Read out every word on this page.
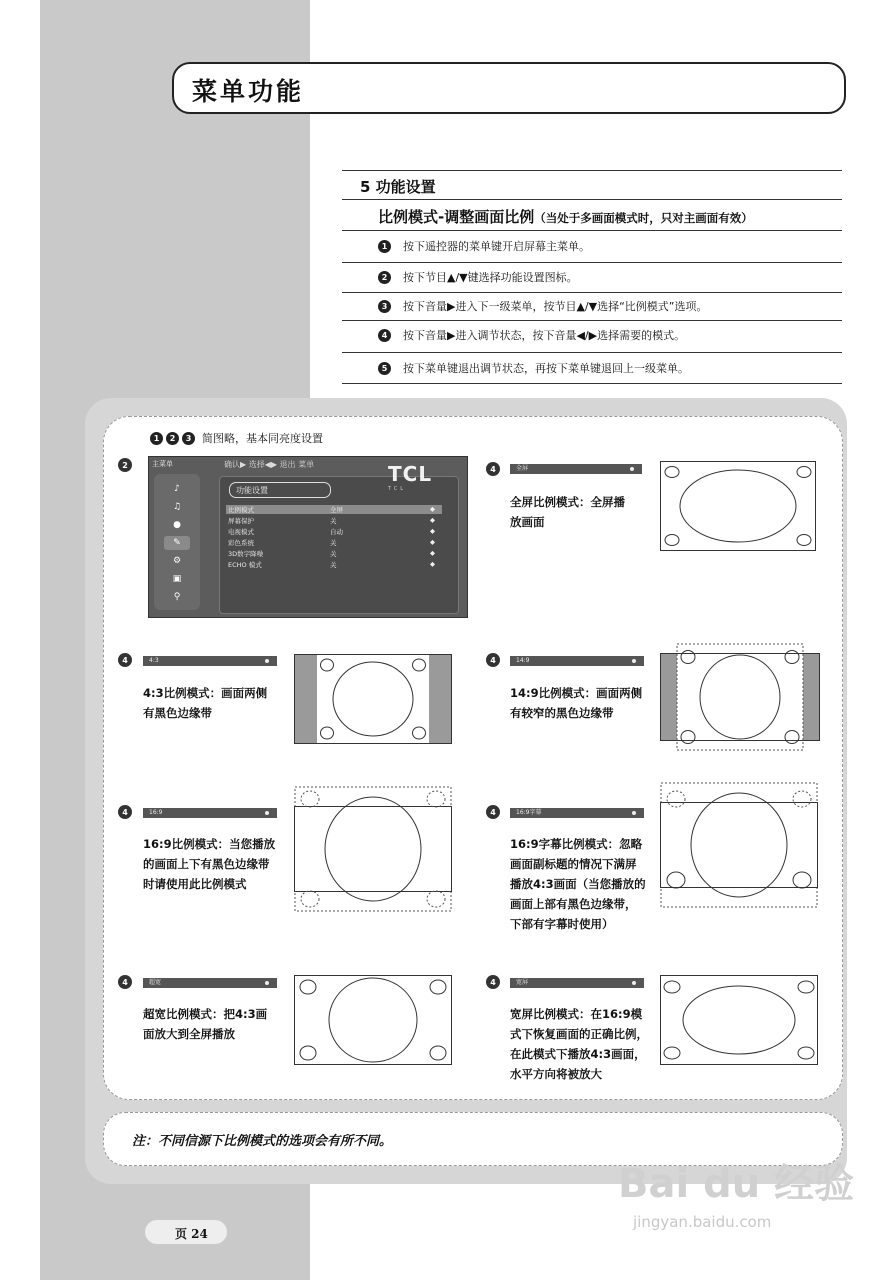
菜单功能
5 功能设置
比例模式-调整画面比例（当处于多画面模式时，只对主画面有效）
1	按下遥控器的菜单键开启屏幕主菜单。
2	按下节目▲/▼键选择功能设置图标。
3	按下音量▶进入下一级菜单，按节目▲/▼选择“比例模式”选项。
4	按下音量▶进入调节状态，按下音量◀/▶选择需要的模式。
5	按下菜单键退出调节状态，再按下菜单键退回上一级菜单。
1	2	3 简图略，基本同亮度设置
2	主菜单	确认▶ 选择◀▶ 退出 菜单	TCL
TCL
功能设置
♪
♫
●
✎
⚙
▣
⚲
比例模式	全屏	◆
屏幕保护	关	◆
电视模式	自动	◆
彩色系统	关	◆
3D数字降噪	关	◆
ECHO 模式	关	◆
4	全屏
全屏比例模式：全屏播
放画面
4	4:3
4:3比例模式：画面两侧
有黑色边缘带
4	14:9
14:9比例模式：画面两侧
有较窄的黑色边缘带
4	16:9
16:9比例模式：当您播放
的画面上下有黑色边缘带
时请使用此比例模式
4	16:9字幕
16:9字幕比例模式：忽略
画面副标题的情况下满屏
播放4:3画面（当您播放的
画面上部有黑色边缘带，
下部有字幕时使用）
4	超宽
超宽比例模式：把4:3画
面放大到全屏播放
4	宽屏
宽屏比例模式：在16:9模
式下恢复画面的正确比例，
在此模式下播放4:3画面，
水平方向将被放大
注：不同信源下比例模式的选项会有所不同。
页 24
Bai du 经验
jingyan.baidu.com
